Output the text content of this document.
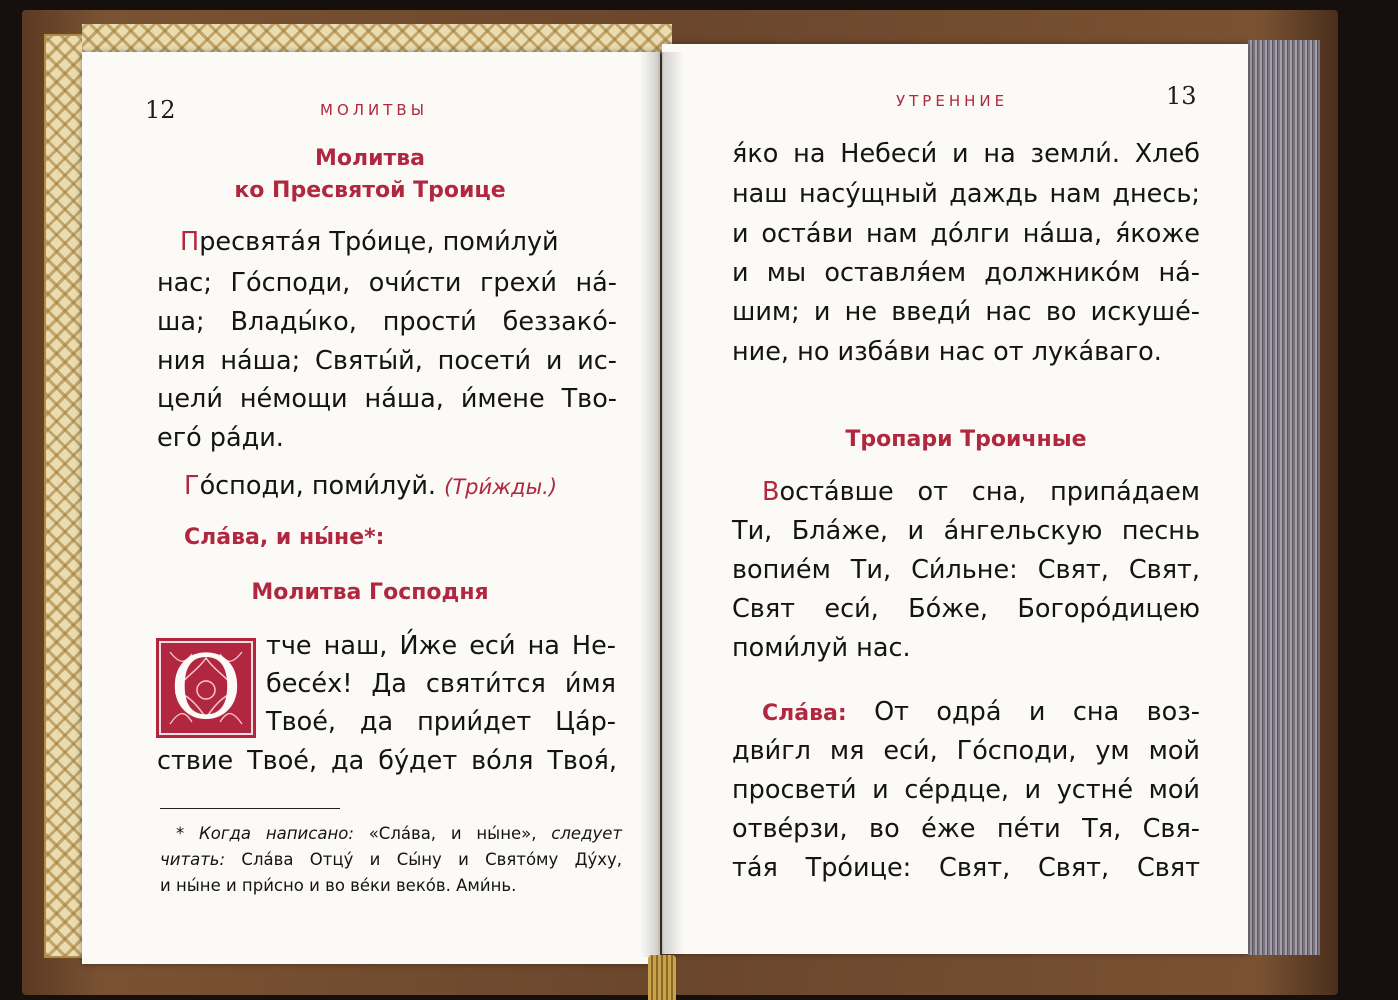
12	МОЛИТВЫ

Молитва

ко Пресвятой Троице

Пресвята́я Тро́ице, поми́луй

нас; Го́споди, очи́сти грехи́ на́-

ша; Влады́ко, прости́ беззако́-

ния на́ша; Святы́й, посети́ и ис-

цели́ не́мощи на́ша, и́мене Тво-

его́ ра́ди.

Го́споди, поми́луй. (Три́жды.)

Сла́ва, и ны́не*:

Молитва Господня

О тче наш, И́же еси́ на Не-

бесе́х! Да святи́тся и́мя

Твое́, да прии́дет Ца́р-

ствие Твое́, да бу́дет во́ля Твоя́,

* Когда написано: «Сла́ва, и ны́не», следует

читать: Сла́ва Отцу́ и Сы́ну и Свято́му Ду́ху,

и ны́не и при́сно и во ве́ки веко́в. Ами́нь.

УТРЕННИЕ	13

я́ко на Небеси́ и на земли́. Хлеб

наш насу́щный даждь нам днесь;

и оста́ви нам до́лги на́ша, я́коже

и мы оставля́ем должнико́м на́-

шим; и не введи́ нас во искуше́-

ние, но изба́ви нас от лука́ваго.

Тропари Троичные

Воста́вше от сна, припа́даем

Ти, Бла́же, и а́нгельскую песнь

вопие́м Ти, Си́льне: Свят, Свят,

Свят еси́, Бо́же, Богоро́дицею

поми́луй нас.

Сла́ва: От одра́ и сна воз-

дви́гл мя еси́, Го́споди, ум мой

просвети́ и се́рдце, и устне́ мои́

отве́рзи, во е́же пе́ти Тя, Свя-

та́я Тро́ице: Свят, Свят, Свят
